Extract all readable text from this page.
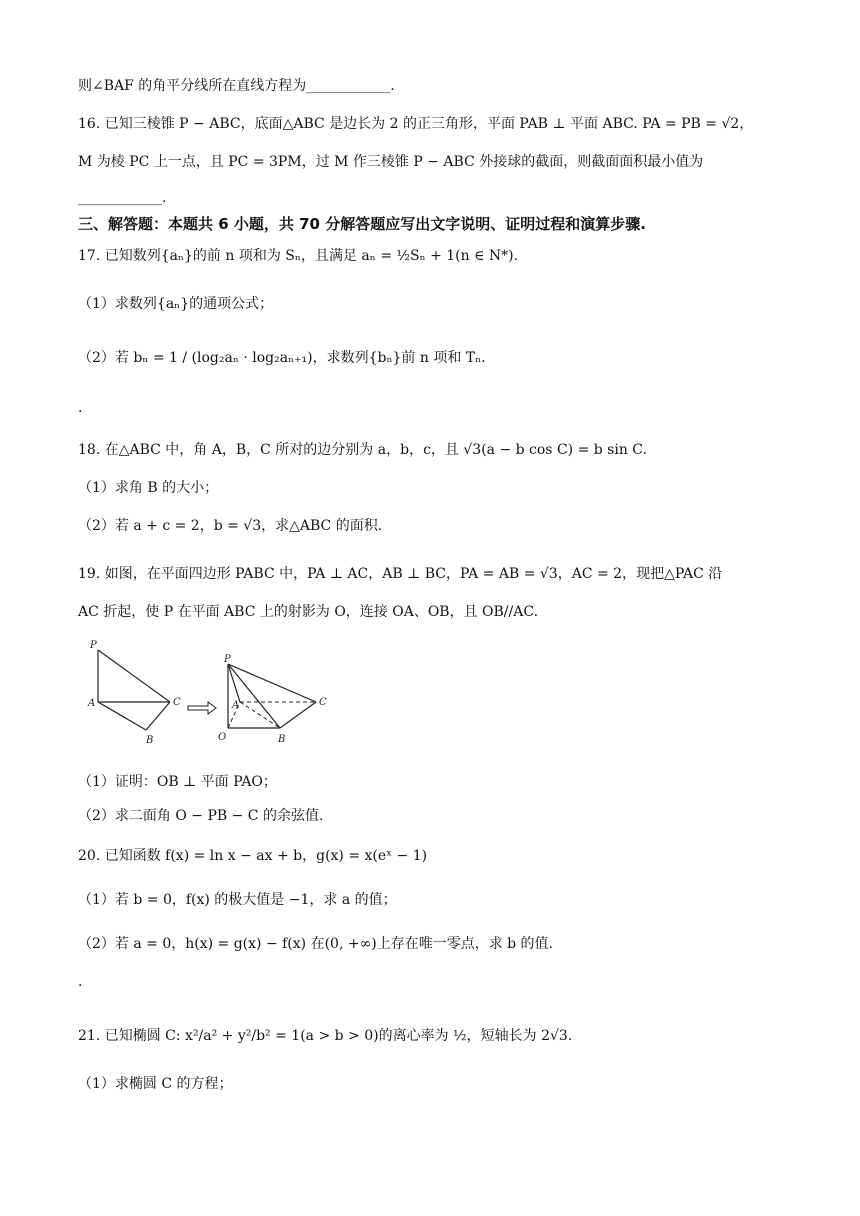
则∠BAF 的角平分线所在直线方程为____________.
16. 已知三棱锥 P − ABC，底面△ABC 是边长为 2 的正三角形，平面 PAB ⊥ 平面 ABC. PA = PB = √2，
M 为棱 PC 上一点，且 PC = 3PM，过 M 作三棱锥 P − ABC 外接球的截面，则截面面积最小值为
____________.
三、解答题：本题共 6 小题，共 70 分解答题应写出文字说明、证明过程和演算步骤.
17. 已知数列{aₙ}的前 n 项和为 Sₙ，且满足 aₙ = ½Sₙ + 1(n ∈ N*).
（1）求数列{aₙ}的通项公式；
（2）若 bₙ = 1 / (log₂aₙ · log₂aₙ₊₁)，求数列{bₙ}前 n 项和 Tₙ.
.
18. 在△ABC 中，角 A，B，C 所对的边分别为 a，b，c，且 √3(a − b cos C) = b sin C.
（1）求角 B 的大小；
（2）若 a + c = 2，b = √3，求△ABC 的面积.
19. 如图，在平面四边形 PABC 中，PA ⊥ AC，AB ⊥ BC，PA = AB = √3，AC = 2，现把△PAC 沿
AC 折起，使 P 在平面 ABC 上的射影为 O，连接 OA、OB，且 OB//AC.
P
A	C
B
P
A	C
O	B
（1）证明：OB ⊥ 平面 PAO；
（2）求二面角 O − PB − C 的余弦值.
20. 已知函数 f(x) = ln x − ax + b，g(x) = x(eˣ − 1)
（1）若 b = 0，f(x) 的极大值是 −1，求 a 的值；
（2）若 a = 0，h(x) = g(x) − f(x) 在(0, +∞)上存在唯一零点，求 b 的值.
.
21. 已知椭圆 C: x²/a² + y²/b² = 1(a > b > 0)的离心率为 ½，短轴长为 2√3.
（1）求椭圆 C 的方程；
